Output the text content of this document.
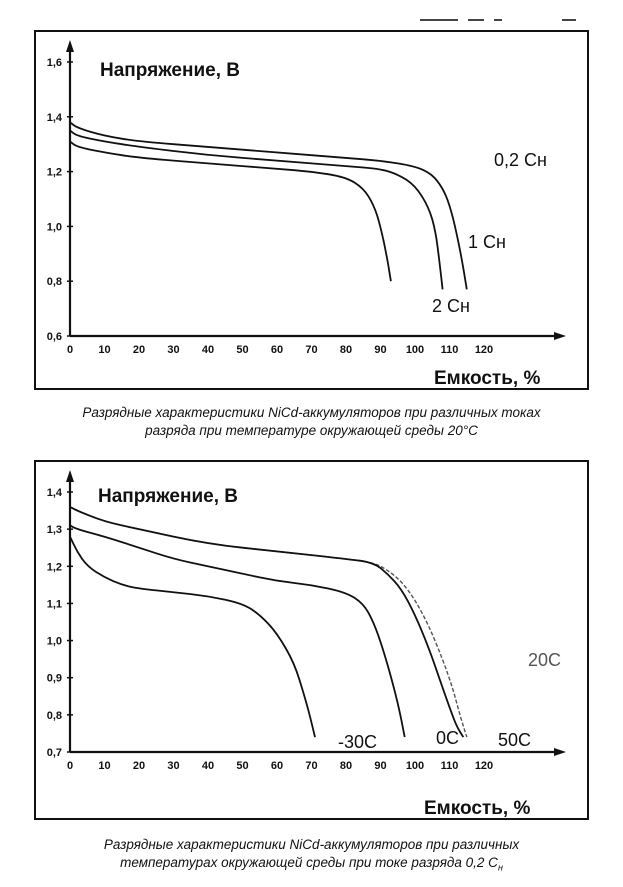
0 10 20 30 40 50 60 70 80 90 100 110 120
0,6
0,8
1,0
1,2
1,4
1,6 Напряжение, В
Емкость, %
0,2 Сн
1 Сн
2 Сн
Разрядные характеристики NiCd-аккумуляторов при различных токах
разряда при температуре окружающей среды 20°C
0 10 20 30 40 50 60 70 80 90 100 110 120
0,7
0,8
0,9
1,0
1,1
1,2
1,3
1,4 Напряжение, В
Емкость, %
20C
50C
0C
-30C
Разрядные характеристики NiCd-аккумуляторов при различных
температурах окружающей среды при токе разряда 0,2 $C_н$
